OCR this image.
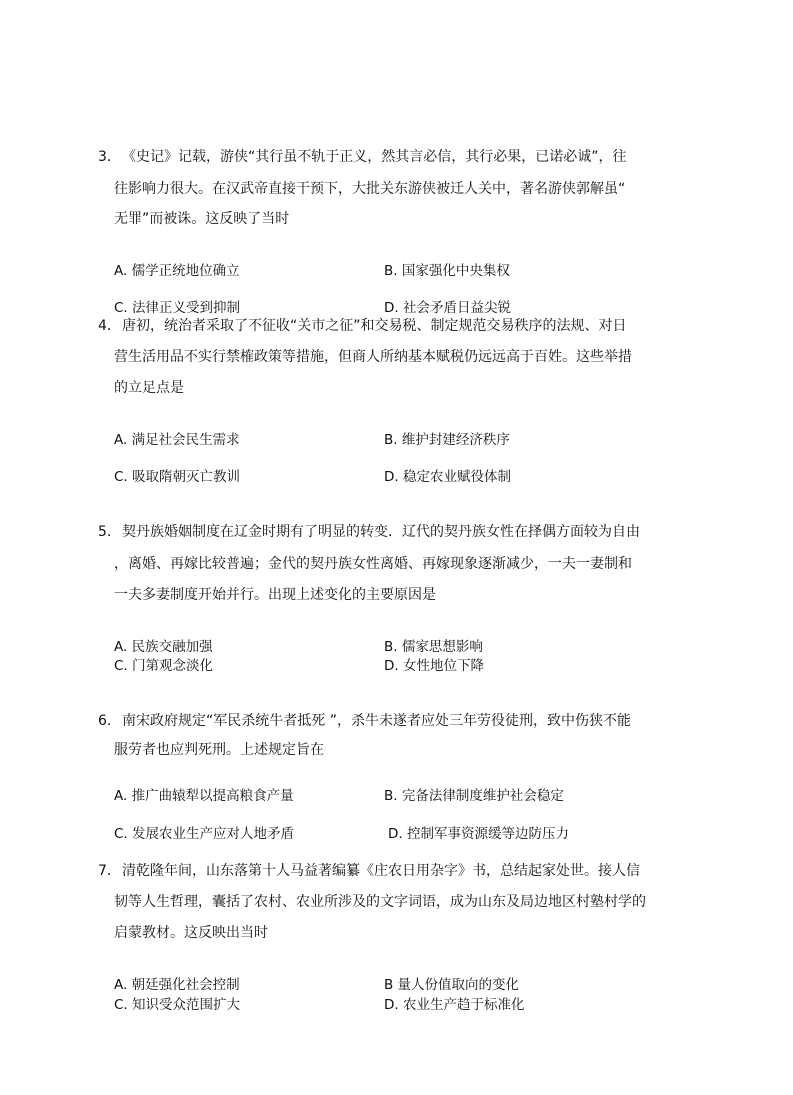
3． 《史记》记载，游侠“其行虽不轨于正义，然其言必信，其行必果，已诺必诚”，往
往影响力很大。在汉武帝直接干预下，大批关东游侠被迁人关中，著名游侠郭解虽“
无罪”而被诛。这反映了当时
A. 儒学正统地位确立	B. 国家强化中央集权
C. 法律正义受到抑制	D. 社会矛盾日益尖锐
4． 唐初，统治者采取了不征收“关市之征”和交易税、制定规范交易秩序的法规、对日
营生活用品不实行禁榷政策等措施，但商人所纳基本赋税仍远远高于百姓。这些举措
的立足点是
A. 满足社会民生需求	B. 维护封建经济秩序
C. 吸取隋朝灭亡教训	D. 稳定农业赋役体制
5． 契丹族婚姻制度在辽金时期有了明显的转变．辽代的契丹族女性在择偶方面较为自由
，离婚、再嫁比较普遍；金代的契丹族女性离婚、再嫁现象逐渐减少，一夫一妻制和
一夫多妻制度开始并行。出现上述变化的主要原因是
A. 民族交融加强	B. 儒家思想影响
C. 门第观念淡化	D. 女性地位下降
6． 南宋政府规定“军民杀统牛者抵死 ”，杀牛未遂者应处三年劳役徒刑，致中伤狭不能
服劳者也应判死刑。上述规定旨在
A. 推广曲辕犁以提高粮食产量	B. 完备法律制度维护社会稳定
C. 发展农业生产应对人地矛盾	D. 控制军事资源缓等边防压力
7． 清乾隆年间，山东落第十人马益著编纂《庄农日用杂字》书，总结起家处世。接人信
韧等人生哲理，囊括了农村、农业所涉及的文字词语，成为山东及局边地区村塾村学的
启蒙教材。这反映出当时
A. 朝廷强化社会控制	B 量人份值取向的变化
C. 知识受众范围扩大	D. 农业生产趋于标准化
